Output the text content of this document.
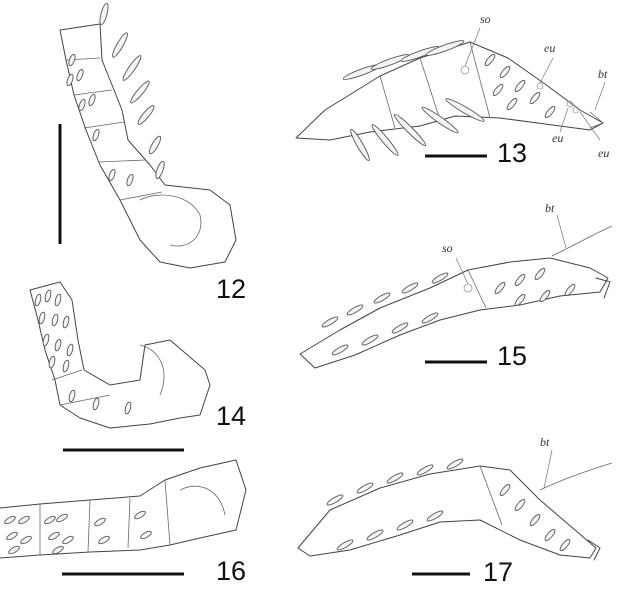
12
so
eu
bt
eu
eu
13
14
so
bt
15
16
bt
17
